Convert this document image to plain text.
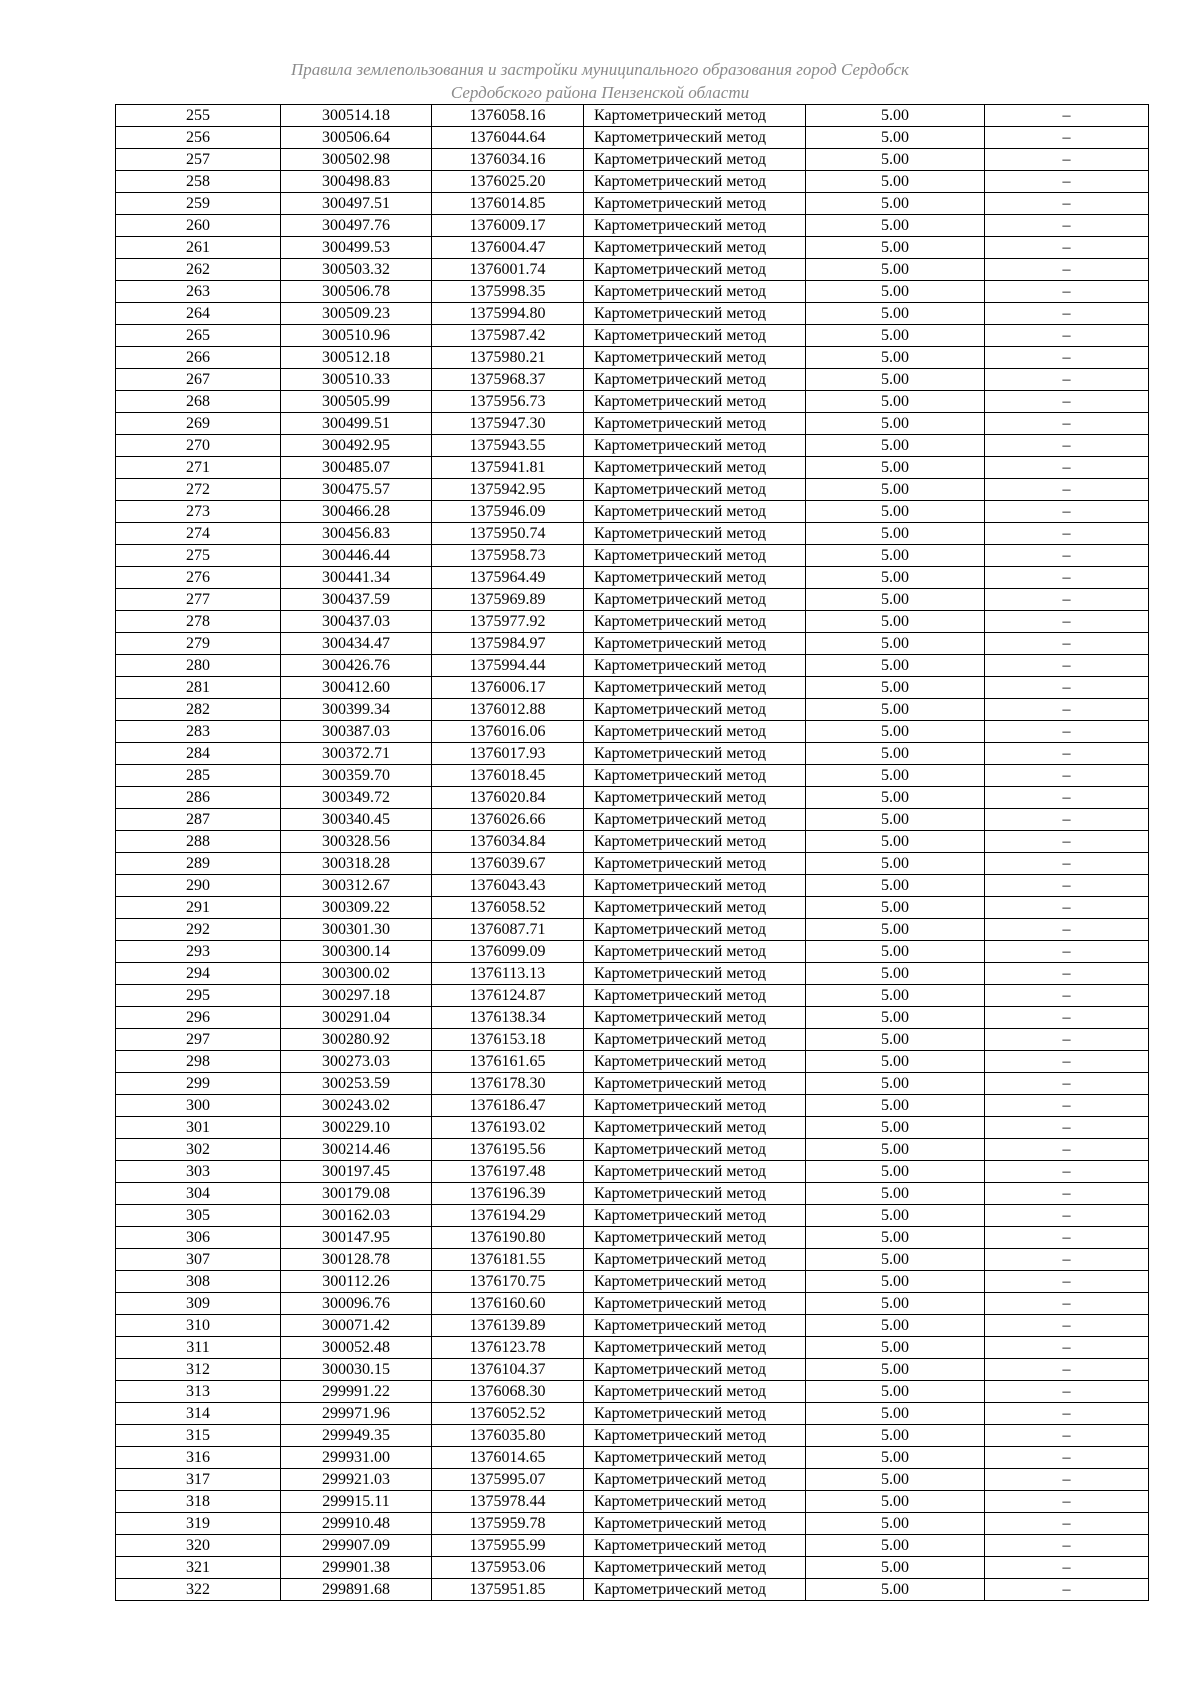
Правила землепользования и застройки муниципального образования город Сердобск
Сердобского района Пензенской области
255	300514.18	1376058.16	Картометрический метод	5.00	–
256	300506.64	1376044.64	Картометрический метод	5.00	–
257	300502.98	1376034.16	Картометрический метод	5.00	–
258	300498.83	1376025.20	Картометрический метод	5.00	–
259	300497.51	1376014.85	Картометрический метод	5.00	–
260	300497.76	1376009.17	Картометрический метод	5.00	–
261	300499.53	1376004.47	Картометрический метод	5.00	–
262	300503.32	1376001.74	Картометрический метод	5.00	–
263	300506.78	1375998.35	Картометрический метод	5.00	–
264	300509.23	1375994.80	Картометрический метод	5.00	–
265	300510.96	1375987.42	Картометрический метод	5.00	–
266	300512.18	1375980.21	Картометрический метод	5.00	–
267	300510.33	1375968.37	Картометрический метод	5.00	–
268	300505.99	1375956.73	Картометрический метод	5.00	–
269	300499.51	1375947.30	Картометрический метод	5.00	–
270	300492.95	1375943.55	Картометрический метод	5.00	–
271	300485.07	1375941.81	Картометрический метод	5.00	–
272	300475.57	1375942.95	Картометрический метод	5.00	–
273	300466.28	1375946.09	Картометрический метод	5.00	–
274	300456.83	1375950.74	Картометрический метод	5.00	–
275	300446.44	1375958.73	Картометрический метод	5.00	–
276	300441.34	1375964.49	Картометрический метод	5.00	–
277	300437.59	1375969.89	Картометрический метод	5.00	–
278	300437.03	1375977.92	Картометрический метод	5.00	–
279	300434.47	1375984.97	Картометрический метод	5.00	–
280	300426.76	1375994.44	Картометрический метод	5.00	–
281	300412.60	1376006.17	Картометрический метод	5.00	–
282	300399.34	1376012.88	Картометрический метод	5.00	–
283	300387.03	1376016.06	Картометрический метод	5.00	–
284	300372.71	1376017.93	Картометрический метод	5.00	–
285	300359.70	1376018.45	Картометрический метод	5.00	–
286	300349.72	1376020.84	Картометрический метод	5.00	–
287	300340.45	1376026.66	Картометрический метод	5.00	–
288	300328.56	1376034.84	Картометрический метод	5.00	–
289	300318.28	1376039.67	Картометрический метод	5.00	–
290	300312.67	1376043.43	Картометрический метод	5.00	–
291	300309.22	1376058.52	Картометрический метод	5.00	–
292	300301.30	1376087.71	Картометрический метод	5.00	–
293	300300.14	1376099.09	Картометрический метод	5.00	–
294	300300.02	1376113.13	Картометрический метод	5.00	–
295	300297.18	1376124.87	Картометрический метод	5.00	–
296	300291.04	1376138.34	Картометрический метод	5.00	–
297	300280.92	1376153.18	Картометрический метод	5.00	–
298	300273.03	1376161.65	Картометрический метод	5.00	–
299	300253.59	1376178.30	Картометрический метод	5.00	–
300	300243.02	1376186.47	Картометрический метод	5.00	–
301	300229.10	1376193.02	Картометрический метод	5.00	–
302	300214.46	1376195.56	Картометрический метод	5.00	–
303	300197.45	1376197.48	Картометрический метод	5.00	–
304	300179.08	1376196.39	Картометрический метод	5.00	–
305	300162.03	1376194.29	Картометрический метод	5.00	–
306	300147.95	1376190.80	Картометрический метод	5.00	–
307	300128.78	1376181.55	Картометрический метод	5.00	–
308	300112.26	1376170.75	Картометрический метод	5.00	–
309	300096.76	1376160.60	Картометрический метод	5.00	–
310	300071.42	1376139.89	Картометрический метод	5.00	–
311	300052.48	1376123.78	Картометрический метод	5.00	–
312	300030.15	1376104.37	Картометрический метод	5.00	–
313	299991.22	1376068.30	Картометрический метод	5.00	–
314	299971.96	1376052.52	Картометрический метод	5.00	–
315	299949.35	1376035.80	Картометрический метод	5.00	–
316	299931.00	1376014.65	Картометрический метод	5.00	–
317	299921.03	1375995.07	Картометрический метод	5.00	–
318	299915.11	1375978.44	Картометрический метод	5.00	–
319	299910.48	1375959.78	Картометрический метод	5.00	–
320	299907.09	1375955.99	Картометрический метод	5.00	–
321	299901.38	1375953.06	Картометрический метод	5.00	–
322	299891.68	1375951.85	Картометрический метод	5.00	–
